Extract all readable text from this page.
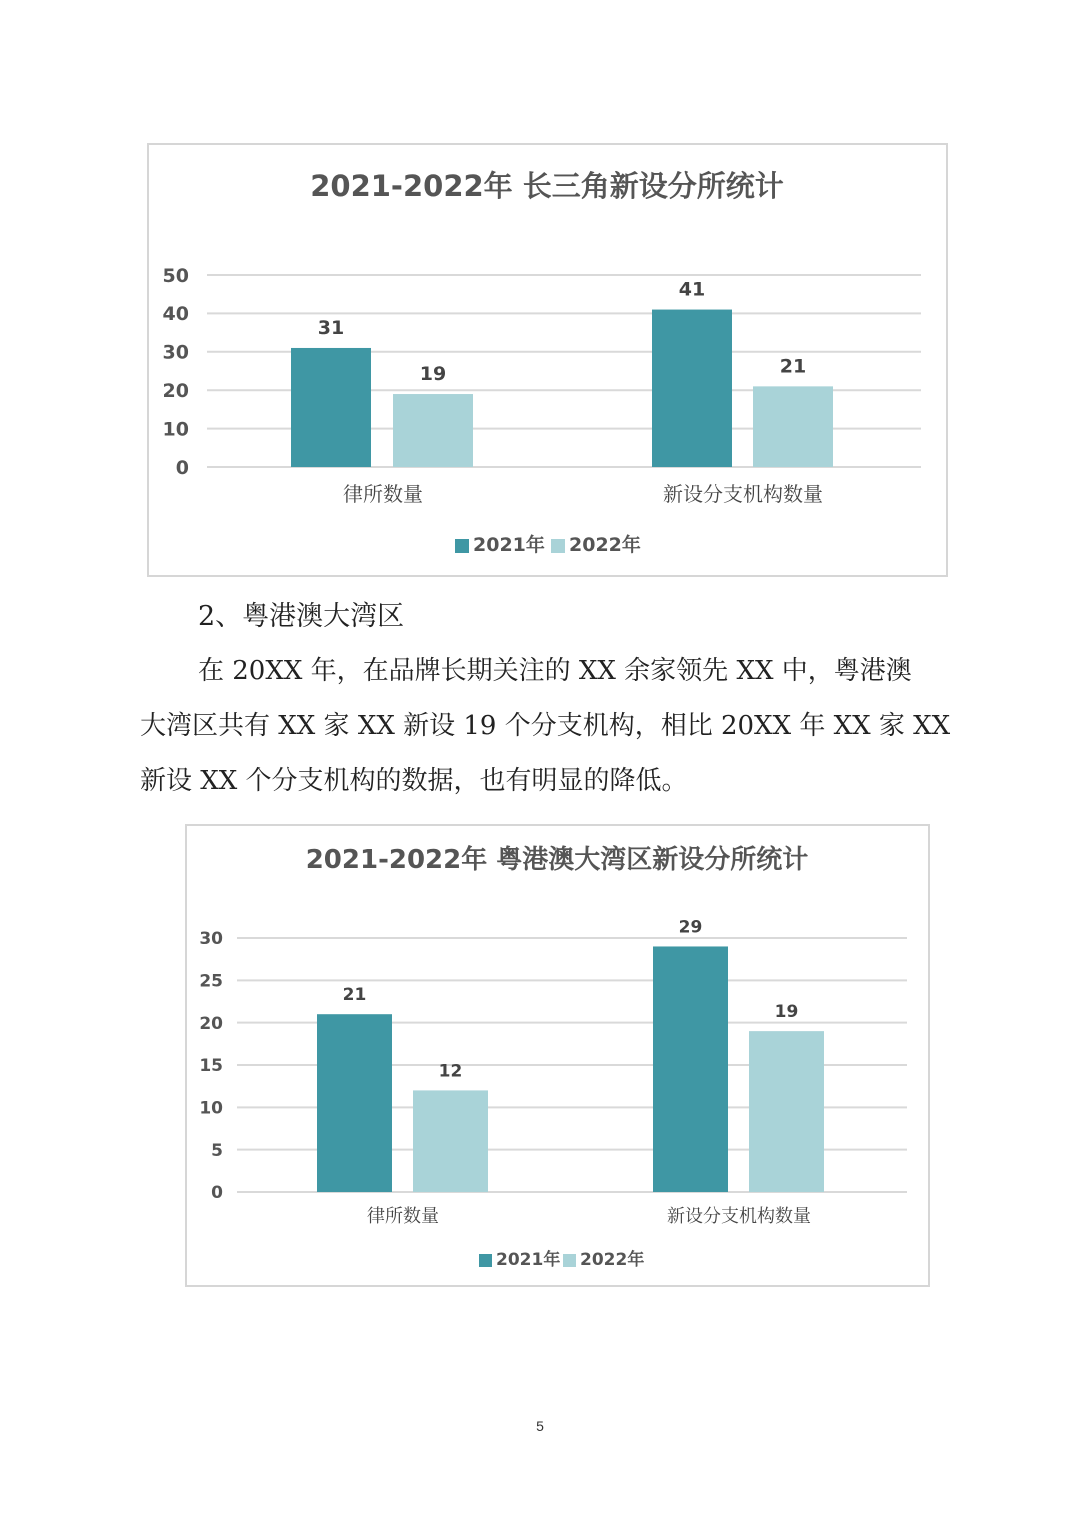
2021-2022年 长三角新设分所统计
0
10
20
30
40
50
31
19
律所数量
41
21
新设分支机构数量
2021年 2022年
2、粤港澳大湾区
在 20XX 年，在品牌长期关注的 XX 余家领先 XX 中，粤港澳
大湾区共有 XX 家 XX 新设 19 个分支机构，相比 20XX 年 XX 家 XX
新设 XX 个分支机构的数据，也有明显的降低。
2021-2022年 粤港澳大湾区新设分所统计
0
5
10
15
20
25
30
21
12
律所数量
29
19
新设分支机构数量
2021年 2022年
5
